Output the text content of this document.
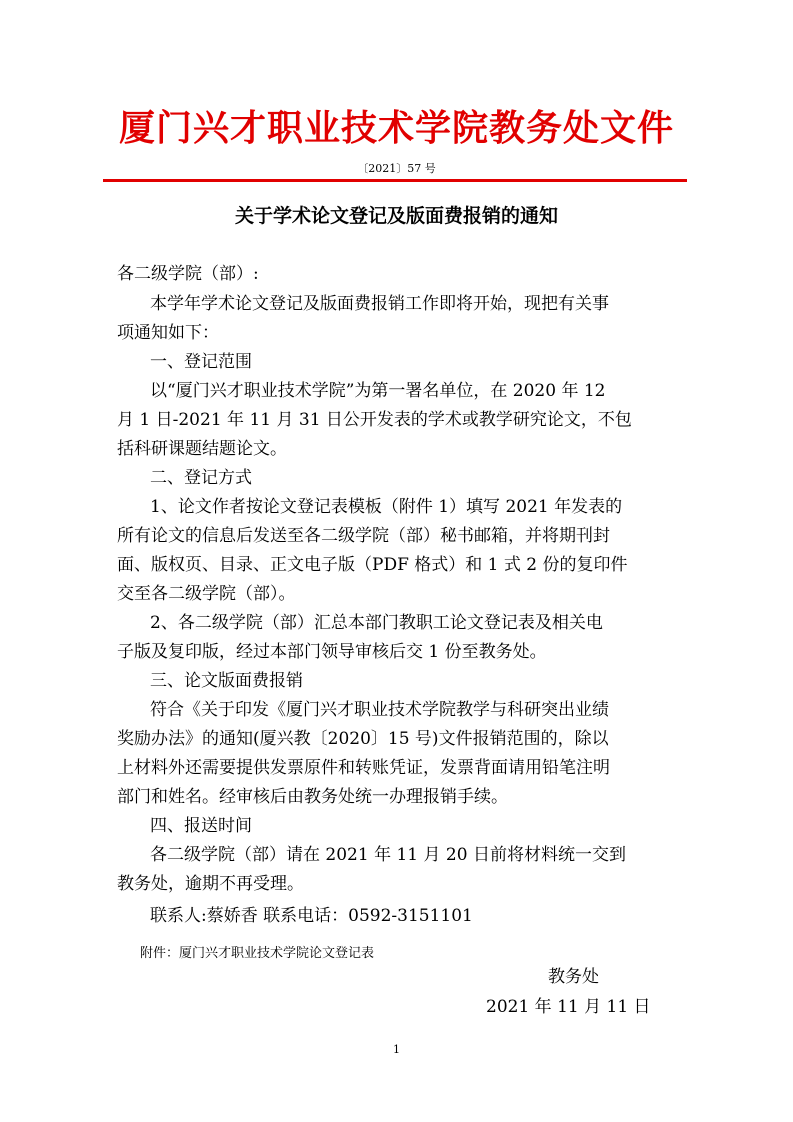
厦门兴才职业技术学院教务处文件
〔2021〕57 号
关于学术论文登记及版面费报销的通知
各二级学院（部）:
本学年学术论文登记及版面费报销工作即将开始，现把有关事
项通知如下：
一、登记范围
以“厦门兴才职业技术学院”为第一署名单位，在 2020 年 12
月 1 日-2021 年 11 月 31 日公开发表的学术或教学研究论文，不包
括科研课题结题论文。
二、登记方式
1、论文作者按论文登记表模板（附件 1）填写 2021 年发表的
所有论文的信息后发送至各二级学院（部）秘书邮箱，并将期刊封
面、版权页、目录、正文电子版（PDF 格式）和 1 式 2 份的复印件
交至各二级学院（部）。
2、各二级学院（部）汇总本部门教职工论文登记表及相关电
子版及复印版，经过本部门领导审核后交 1 份至教务处。
三、论文版面费报销
符合《关于印发《厦门兴才职业技术学院教学与科研突出业绩
奖励办法》的通知(厦兴教〔2020〕15 号)文件报销范围的，除以
上材料外还需要提供发票原件和转账凭证，发票背面请用铅笔注明
部门和姓名。经审核后由教务处统一办理报销手续。
四、报送时间
各二级学院（部）请在 2021 年 11 月 20 日前将材料统一交到
教务处，逾期不再受理。
联系人:蔡娇香 联系电话：0592-3151101
附件：厦门兴才职业技术学院论文登记表
教务处
2021 年 11 月 11 日
1
